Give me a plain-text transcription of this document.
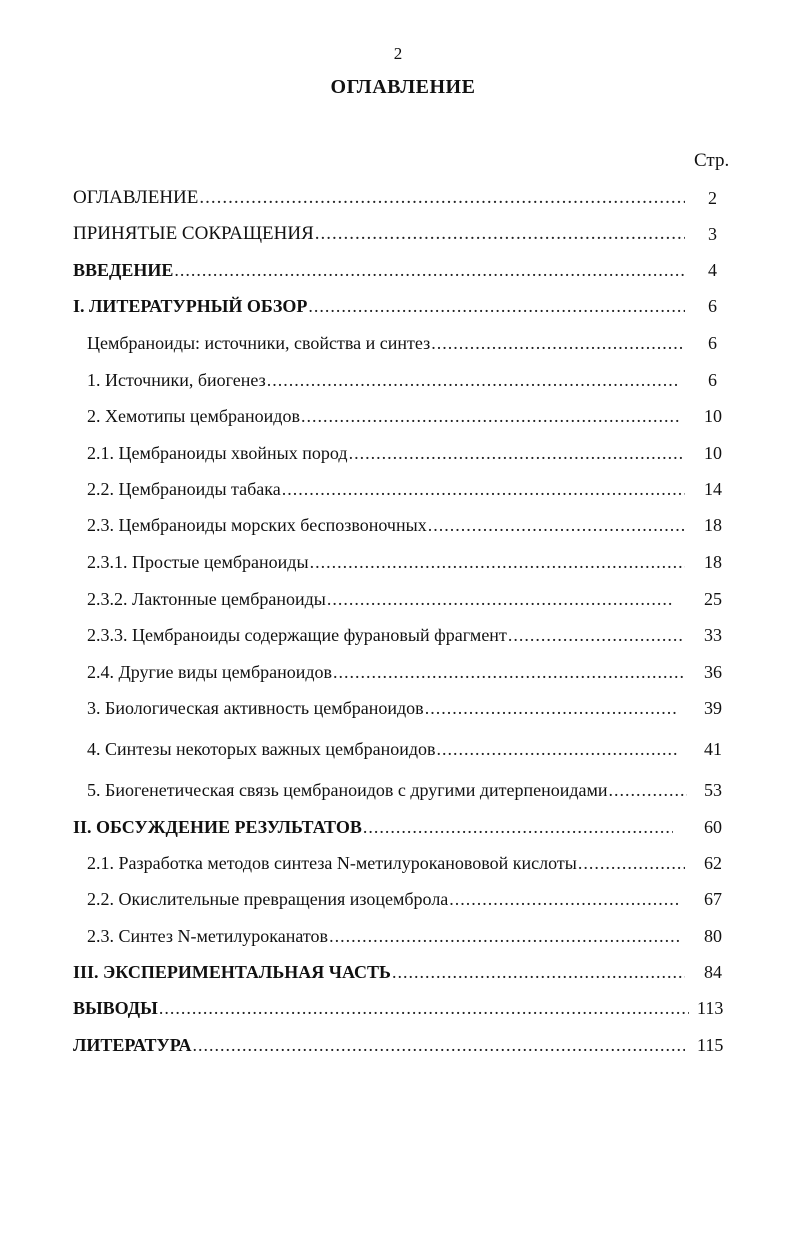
2
ОГЛАВЛЕНИЕ
Стр.
ОГЛАВЛЕНИЕ .....	2
ПРИНЯТЫЕ СОКРАЩЕНИЯ .....	3
ВВЕДЕНИЕ .....	4
I. ЛИТЕРАТУРНЫЙ ОБЗОР .....	6
Цембраноиды: источники, свойства и синтез .....	6
1. Источники, биогенез .....	6
2. Хемотипы цембраноидов .....	10
2.1. Цембраноиды хвойных пород .....	10
2.2. Цембраноиды табака .....	14
2.3. Цембраноиды морских беспозвоночных .....	18
2.3.1. Простые цембраноиды .....	18
2.3.2. Лактонные цембраноиды .....	25
2.3.3. Цембраноиды содержащие фурановый фрагмент .....	33
2.4. Другие виды цембраноидов .....	36
3. Биологическая активность цембраноидов .....	39
4. Синтезы некоторых важных цембраноидов .....	41
5. Биогенетическая связь цембраноидов с другими дитерпеноидами .....	53
II. ОБСУЖДЕНИЕ РЕЗУЛЬТАТОВ .....	60
2.1. Разработка методов синтеза N-метилуроканововой кислоты .....	62
2.2. Окислительные превращения изоцемброла .....	67
2.3. Синтез N-метилуроканатов .....	80
III. ЭКСПЕРИМЕНТАЛЬНАЯ ЧАСТЬ .....	84
ВЫВОДЫ .....	113
ЛИТЕРАТУРА .....	115
